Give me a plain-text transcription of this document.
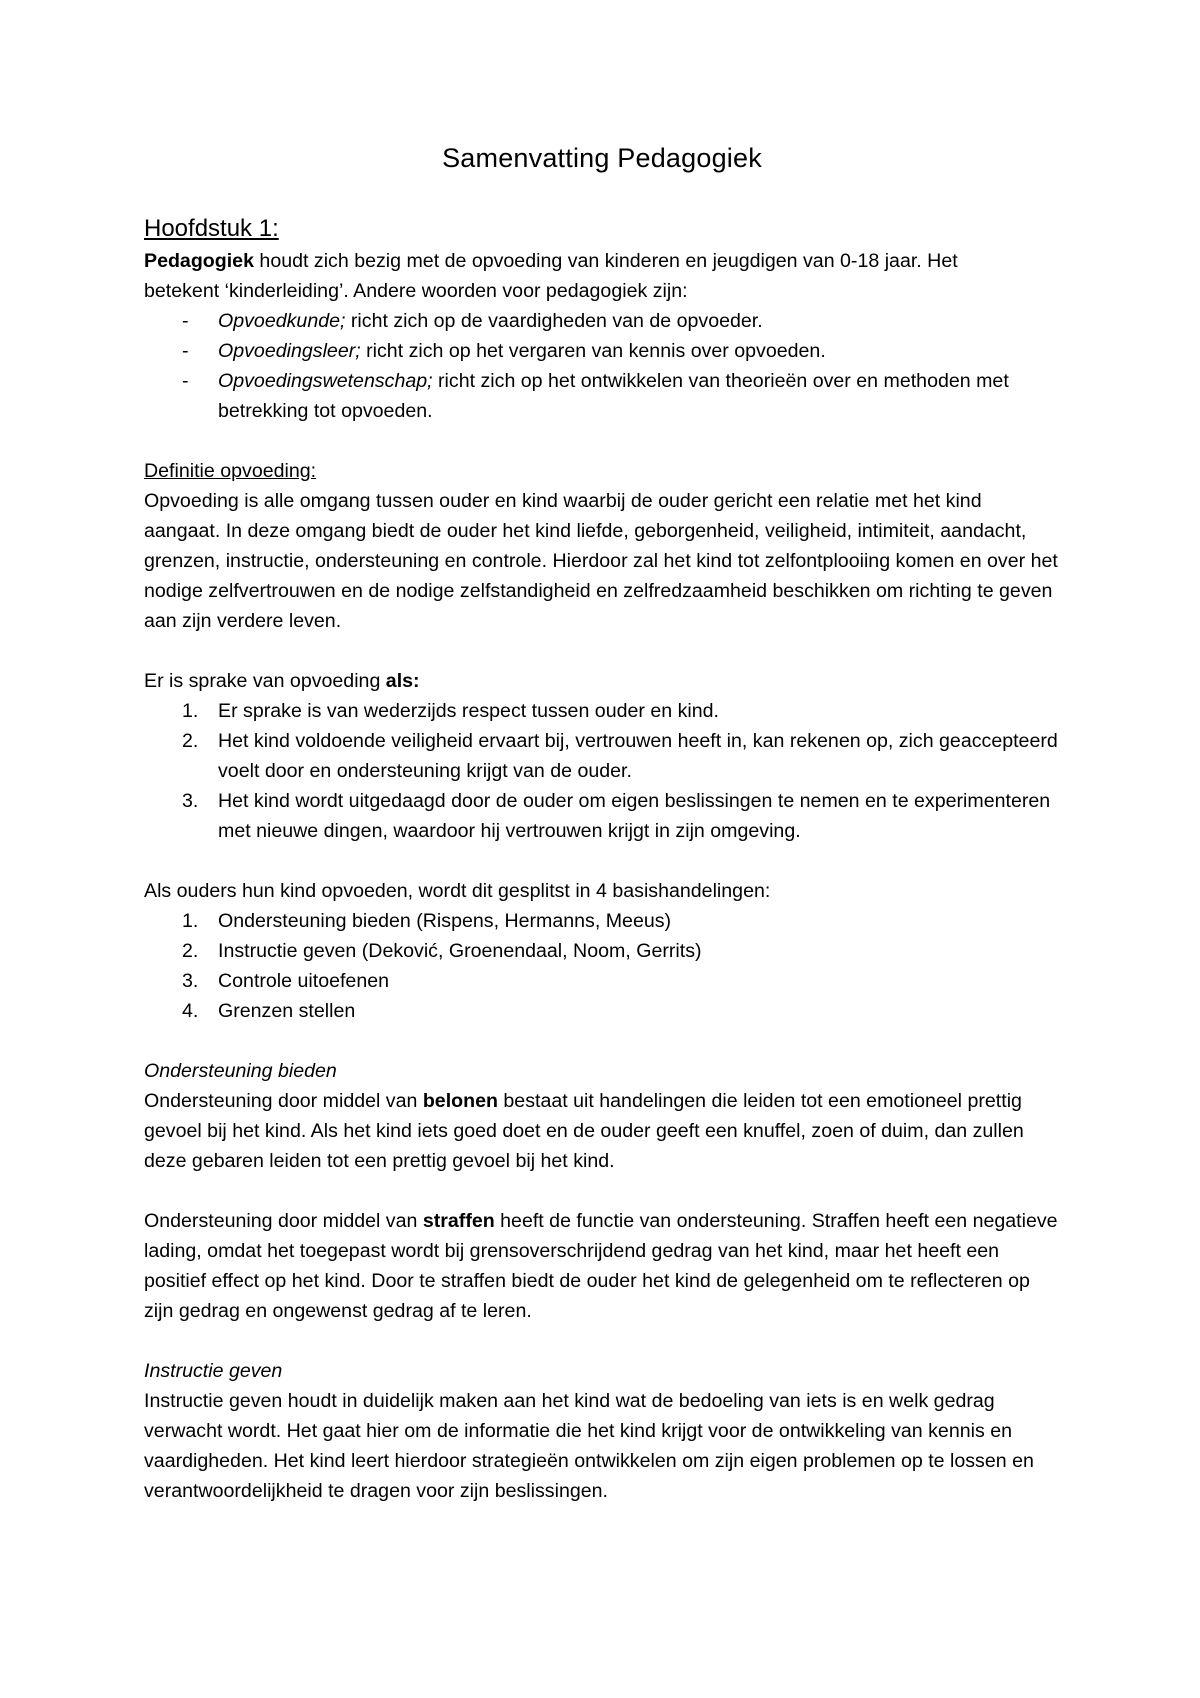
Samenvatting Pedagogiek
Hoofdstuk 1:

Pedagogiek houdt zich bezig met de opvoeding van kinderen en jeugdigen van 0-18 jaar. Het
betekent ‘kinderleiding’. Andere woorden voor pedagogiek zijn:

- Opvoedkunde; richt zich op de vaardigheden van de opvoeder.
- Opvoedingsleer; richt zich op het vergaren van kennis over opvoeden.
- Opvoedingswetenschap; richt zich op het ontwikkelen van theorieën over en methoden met betrekking tot opvoeden.

Definitie opvoeding:
Opvoeding is alle omgang tussen ouder en kind waarbij de ouder gericht een relatie met het kind aangaat. In deze omgang biedt de ouder het kind liefde, geborgenheid, veiligheid, intimiteit, aandacht, grenzen, instructie, ondersteuning en controle. Hierdoor zal het kind tot zelfontplooiing komen en over het nodige zelfvertrouwen en de nodige zelfstandigheid en zelfredzaamheid beschikken om richting te geven aan zijn verdere leven.

Er is sprake van opvoeding als:

1. Er sprake is van wederzijds respect tussen ouder en kind.
2. Het kind voldoende veiligheid ervaart bij, vertrouwen heeft in, kan rekenen op, zich geaccepteerd voelt door en ondersteuning krijgt van de ouder.
3. Het kind wordt uitgedaagd door de ouder om eigen beslissingen te nemen en te experimenteren met nieuwe dingen, waardoor hij vertrouwen krijgt in zijn omgeving.

Als ouders hun kind opvoeden, wordt dit gesplitst in 4 basishandelingen:

1. Ondersteuning bieden (Rispens, Hermanns, Meeus)
2. Instructie geven (Deković, Groenendaal, Noom, Gerrits)
3. Controle uitoefenen
4. Grenzen stellen

Ondersteuning bieden
Ondersteuning door middel van belonen bestaat uit handelingen die leiden tot een emotioneel prettig gevoel bij het kind. Als het kind iets goed doet en de ouder geeft een knuffel, zoen of duim, dan zullen deze gebaren leiden tot een prettig gevoel bij het kind.

Ondersteuning door middel van straffen heeft de functie van ondersteuning. Straffen heeft een negatieve lading, omdat het toegepast wordt bij grensoverschrijdend gedrag van het kind, maar het heeft een positief effect op het kind. Door te straffen biedt de ouder het kind de gelegenheid om te reflecteren op zijn gedrag en ongewenst gedrag af te leren.

Instructie geven
Instructie geven houdt in duidelijk maken aan het kind wat de bedoeling van iets is en welk gedrag verwacht wordt. Het gaat hier om de informatie die het kind krijgt voor de ontwikkeling van kennis en vaardigheden. Het kind leert hierdoor strategieën ontwikkelen om zijn eigen problemen op te lossen en verantwoordelijkheid te dragen voor zijn beslissingen.
